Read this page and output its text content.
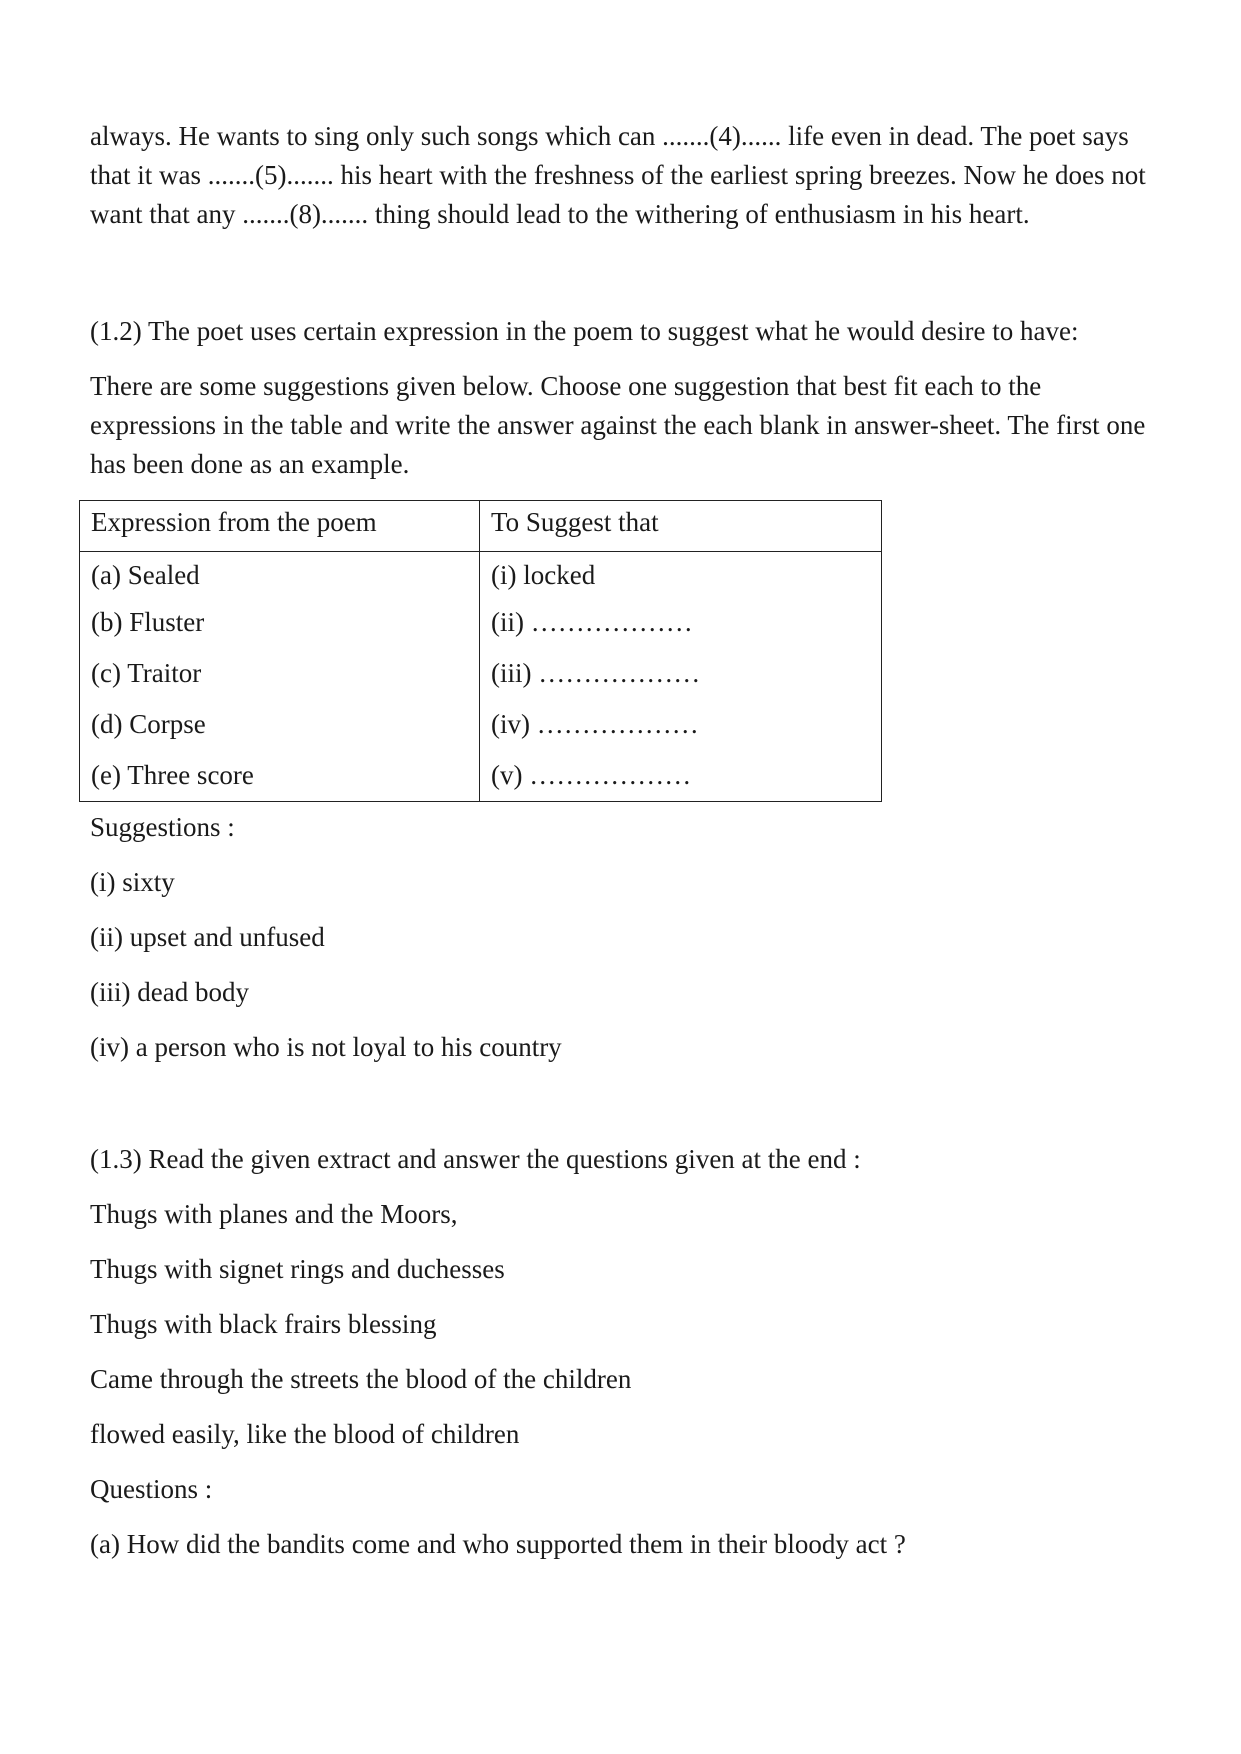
always. He wants to sing only such songs which can .......(4)...... life even in dead. The poet says that it was .......(5)....... his heart with the freshness of the earliest spring breezes. Now he does not want that any .......(8)....... thing should lead to the withering of enthusiasm in his heart.

(1.2) The poet uses certain expression in the poem to suggest what he would desire to have:

There are some suggestions given below. Choose one suggestion that best fit each to the expressions in the table and write the answer against the each blank in answer-sheet. The first one has been done as an example.

Expression from the poem	To Suggest that
(a) Sealed	(i) locked
(b) Fluster	(ii) ………………
(c) Traitor	(iii) ………………
(d) Corpse	(iv) ………………
(e) Three score	(v) ………………

Suggestions :

(i) sixty

(ii) upset and unfused

(iii) dead body

(iv) a person who is not loyal to his country

(1.3) Read the given extract and answer the questions given at the end :

Thugs with planes and the Moors,

Thugs with signet rings and duchesses

Thugs with black frairs blessing

Came through the streets the blood of the children

flowed easily, like the blood of children

Questions :

(a) How did the bandits come and who supported them in their bloody act ?
